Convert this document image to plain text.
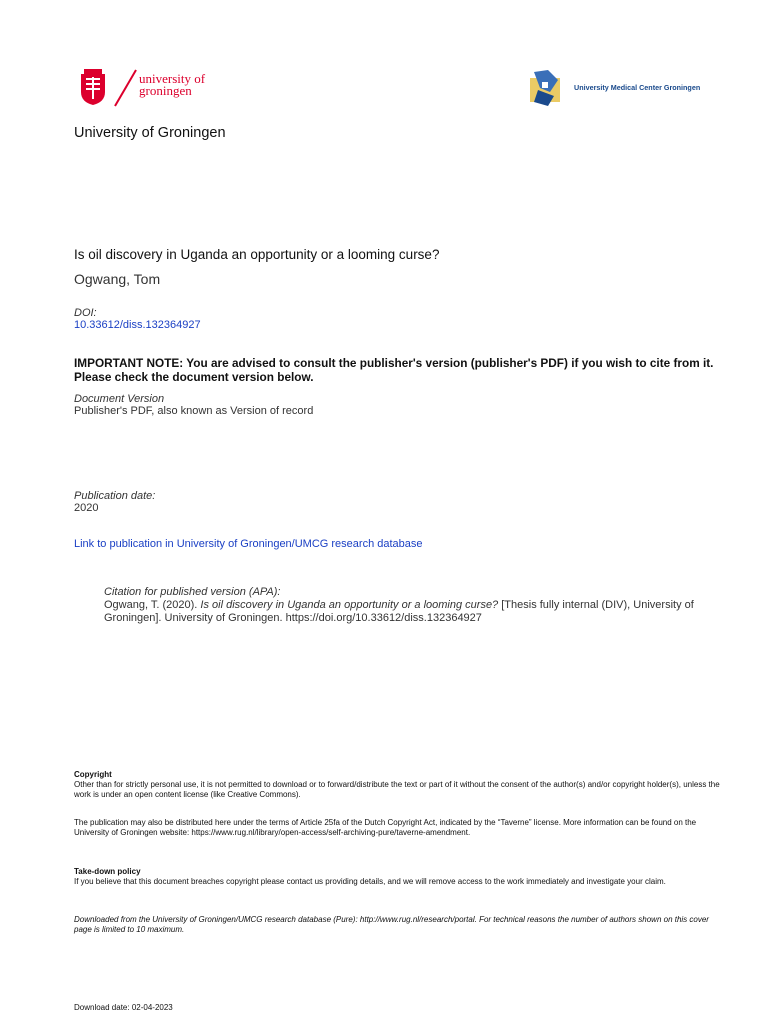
university of
groningen	University Medical Center Groningen
University of Groningen
Is oil discovery in Uganda an opportunity or a looming curse?
Ogwang, Tom
DOI:
10.33612/diss.132364927
IMPORTANT NOTE: You are advised to consult the publisher's version (publisher's PDF) if you wish to cite from it. Please check the document version below.
Document Version
Publisher's PDF, also known as Version of record
Publication date:
2020
Link to publication in University of Groningen/UMCG research database
Citation for published version (APA):
Ogwang, T. (2020). Is oil discovery in Uganda an opportunity or a looming curse? [Thesis fully internal (DIV), University of Groningen]. University of Groningen. https://doi.org/10.33612/diss.132364927
Copyright
Other than for strictly personal use, it is not permitted to download or to forward/distribute the text or part of it without the consent of the author(s) and/or copyright holder(s), unless the work is under an open content license (like Creative Commons).
The publication may also be distributed here under the terms of Article 25fa of the Dutch Copyright Act, indicated by the “Taverne” license. More information can be found on the University of Groningen website: https://www.rug.nl/library/open-access/self-archiving-pure/taverne-amendment.
Take-down policy
If you believe that this document breaches copyright please contact us providing details, and we will remove access to the work immediately and investigate your claim.
Downloaded from the University of Groningen/UMCG research database (Pure): http://www.rug.nl/research/portal. For technical reasons the number of authors shown on this cover page is limited to 10 maximum.
Download date: 02-04-2023
